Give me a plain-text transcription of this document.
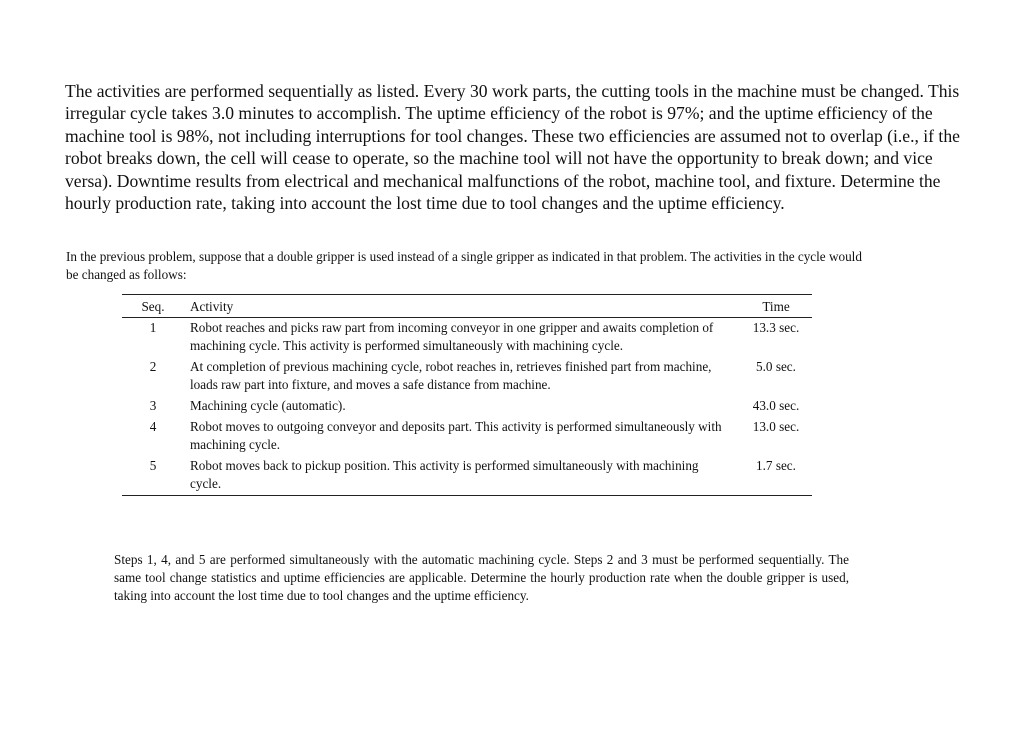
The activities are performed sequentially as listed. Every 30 work parts, the cutting tools in the machine must be changed. This irregular cycle takes 3.0 minutes to accomplish. The uptime efficiency of the robot is 97%; and the uptime efficiency of the machine tool is 98%, not including interruptions for tool changes. These two efficiencies are assumed not to overlap (i.e., if the robot breaks down, the cell will cease to operate, so the machine tool will not have the opportunity to break down; and vice versa). Downtime results from electrical and mechanical malfunctions of the robot, machine tool, and fixture. Determine the hourly production rate, taking into account the lost time due to tool changes and the uptime efficiency.

In the previous problem, suppose that a double gripper is used instead of a single gripper as indicated in that problem. The activities in the cycle would be changed as follows:

Seq.	Activity	Time
1	Robot reaches and picks raw part from incoming conveyor in one gripper and awaits completion of machining cycle. This activity is performed simultaneously with machining cycle.	13.3 sec.
2	At completion of previous machining cycle, robot reaches in, retrieves finished part from machine, loads raw part into fixture, and moves a safe distance from machine.	5.0 sec.
3	Machining cycle (automatic).	43.0 sec.
4	Robot moves to outgoing conveyor and deposits part. This activity is performed simultaneously with machining cycle.	13.0 sec.
5	Robot moves back to pickup position. This activity is performed simultaneously with machining cycle.	1.7 sec.

Steps 1, 4, and 5 are performed simultaneously with the automatic machining cycle. Steps 2 and 3 must be performed sequentially. The same tool change statistics and uptime efficiencies are applicable. Determine the hourly production rate when the double gripper is used, taking into account the lost time due to tool changes and the uptime efficiency.
